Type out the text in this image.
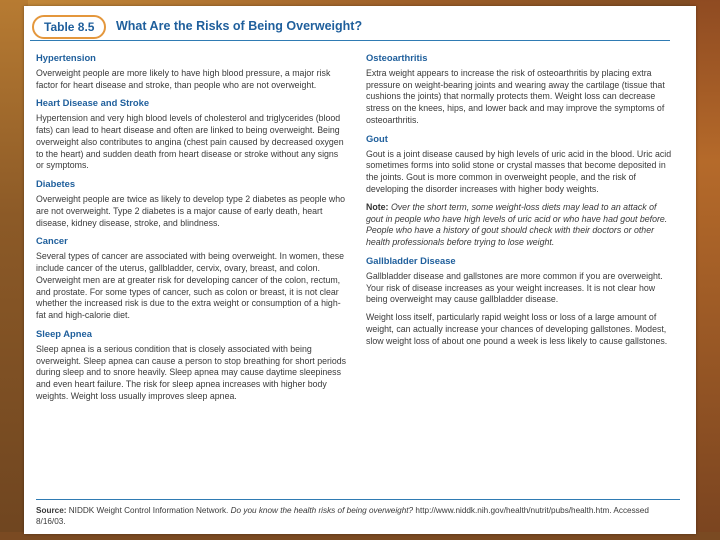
Table 8.5	What Are the Risks of Being Overweight?
Hypertension

Overweight people are more likely to have high blood pressure, a major risk factor for heart disease and stroke, than people who are not overweight.

Heart Disease and Stroke

Hypertension and very high blood levels of cholesterol and triglycerides (blood fats) can lead to heart disease and often are linked to being overweight. Being overweight also contributes to angina (chest pain caused by decreased oxygen to the heart) and sudden death from heart disease or stroke without any signs or symptoms.

Diabetes

Overweight people are twice as likely to develop type 2 diabetes as people who are not overweight. Type 2 diabetes is a major cause of early death, heart disease, kidney disease, stroke, and blindness.

Cancer

Several types of cancer are associated with being overweight. In women, these include cancer of the uterus, gallbladder, cervix, ovary, breast, and colon. Overweight men are at greater risk for developing cancer of the colon, rectum, and prostate. For some types of cancer, such as colon or breast, it is not clear whether the increased risk is due to the extra weight or consumption of a high-fat and high-calorie diet.

Sleep Apnea

Sleep apnea is a serious condition that is closely associated with being overweight. Sleep apnea can cause a person to stop breathing for short periods during sleep and to snore heavily. Sleep apnea may cause daytime sleepiness and even heart failure. The risk for sleep apnea increases with higher body weights. Weight loss usually improves sleep apnea.

Osteoarthritis

Extra weight appears to increase the risk of osteoarthritis by placing extra pressure on weight-bearing joints and wearing away the cartilage (tissue that cushions the joints) that normally protects them. Weight loss can decrease stress on the knees, hips, and lower back and may improve the symptoms of osteoarthritis.

Gout

Gout is a joint disease caused by high levels of uric acid in the blood. Uric acid sometimes forms into solid stone or crystal masses that become deposited in the joints. Gout is more common in overweight people, and the risk of developing the disorder increases with higher body weights.

Note: Over the short term, some weight-loss diets may lead to an attack of gout in people who have high levels of uric acid or who have had gout before. People who have a history of gout should check with their doctors or other health professionals before trying to lose weight.

Gallbladder Disease

Gallbladder disease and gallstones are more common if you are overweight. Your risk of disease increases as your weight increases. It is not clear how being overweight may cause gallbladder disease.

Weight loss itself, particularly rapid weight loss or loss of a large amount of weight, can actually increase your chances of developing gallstones. Modest, slow weight loss of about one pound a week is less likely to cause gallstones.

Source: NIDDK Weight Control Information Network. Do you know the health risks of being overweight? http://www.niddk.nih.gov/health/nutrit/pubs/health.htm. Accessed 8/16/03.
